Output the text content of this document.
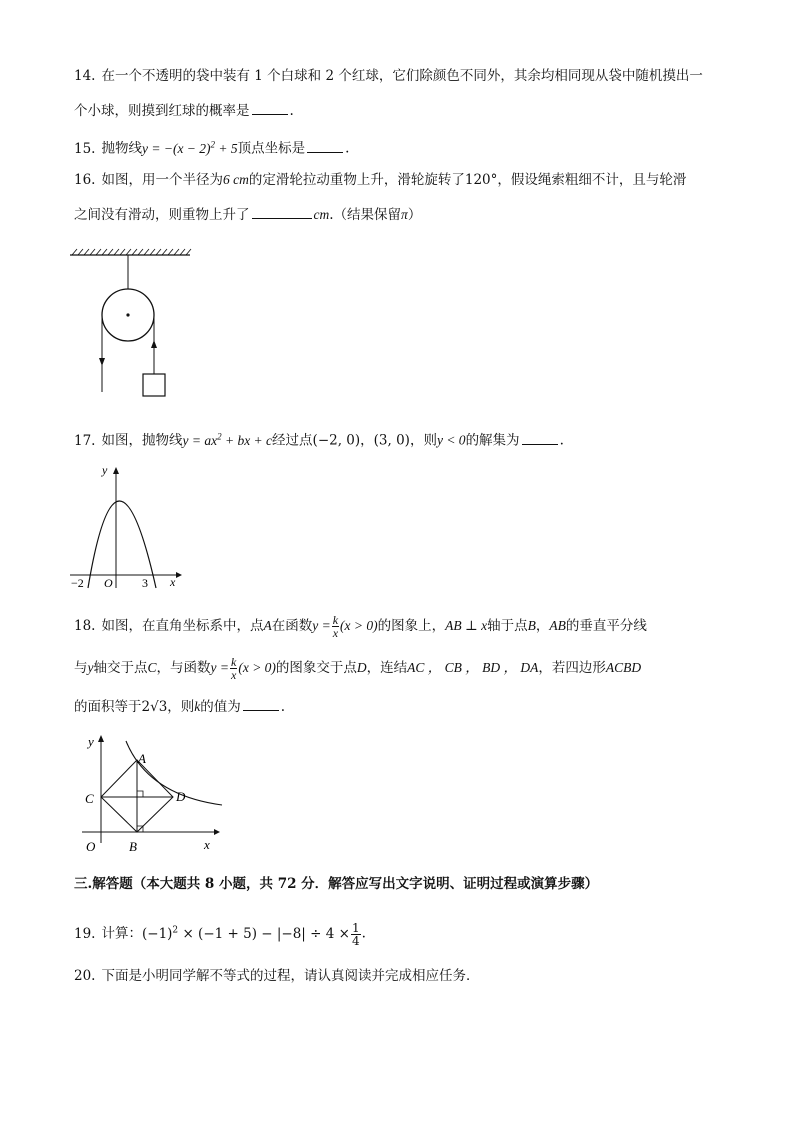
14. 在一个不透明的袋中装有 1 个白球和 2 个红球，它们除颜色不同外，其余均相同现从袋中随机摸出一
个小球，则摸到红球的概率是	.
15. 抛物线$y = -(x - 2)^2 + 5$顶点坐标是	.
16. 如图，用一个半径为6 cm的定滑轮拉动重物上升，滑轮旋转了120°，假设绳索粗细不计，且与轮滑
之间没有滑动，则重物上升了	cm.（结果保留π）
17. 如图，抛物线$y = ax^2$ + bx + c经过点(−2, 0)，(3, 0)，则y < 0的解集为	.
y
x
O
−2	3
18. 如图，在直角坐标系中，点A在函数$y = \frac{k}{x} (x > 0)$的图象上，AB ⊥ x轴于点B，AB的垂直平分线
与y轴交于点C，与函数$y = \frac{k}{x} (x > 0)$的图象交于点D，连结AC ， CB ， BD ， DA，若四边形ACBD
的面积等于2√3，则k的值为	.
y
x
O
A
B
C	D
三.解答题（本大题共 8 小题，共 72 分．解答应写出文字说明、证明过程或演算步骤）
19. 计算：$(-1)^2 \times (-1 + 5) - |-8| \div 4 \times \frac{1}{4}$ .
20. 下面是小明同学解不等式的过程，请认真阅读并完成相应任务．
